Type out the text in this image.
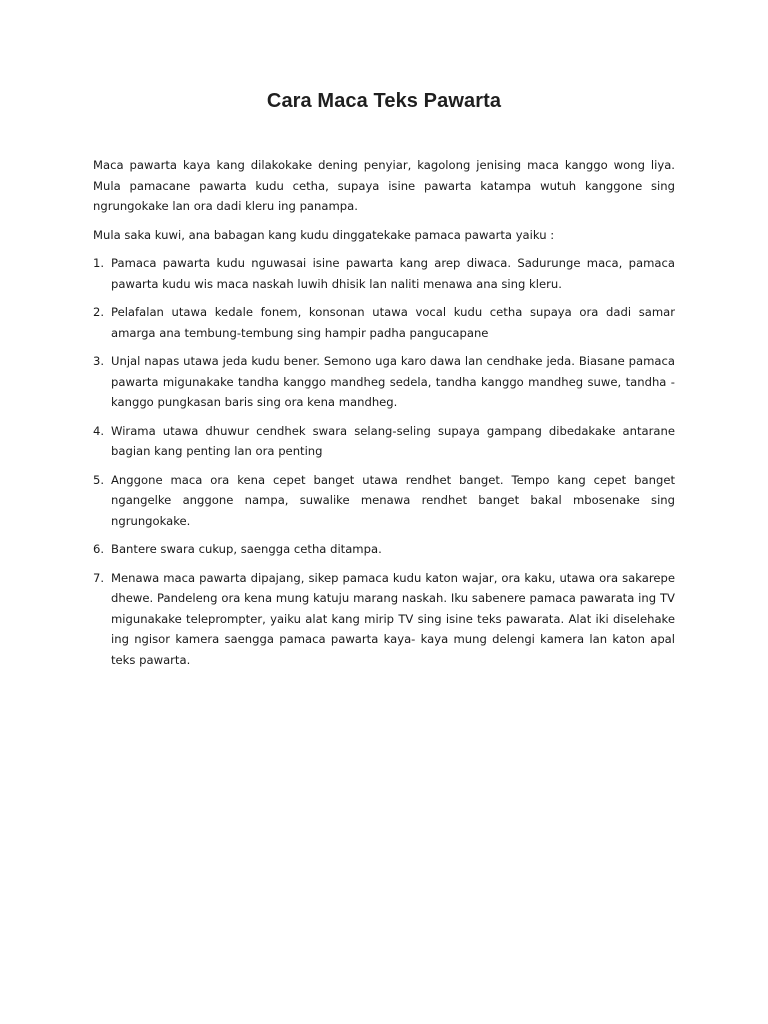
Cara Maca Teks Pawarta

Maca pawarta kaya kang dilakokake dening penyiar, kagolong jenising maca kanggo wong liya. Mula pamacane pawarta kudu cetha, supaya isine pawarta katampa wutuh kanggone sing ngrungokake lan ora dadi kleru ing panampa.

Mula saka kuwi, ana babagan kang kudu dinggatekake pamaca pawarta yaiku :

1. Pamaca pawarta kudu nguwasai isine pawarta kang arep diwaca. Sadurunge maca, pamaca pawarta kudu wis maca naskah luwih dhisik lan naliti menawa ana sing kleru.
2. Pelafalan utawa kedale fonem, konsonan utawa vocal kudu cetha supaya ora dadi samar amarga ana tembung-tembung sing hampir padha pangucapane
3. Unjal napas utawa jeda kudu bener. Semono uga karo dawa lan cendhake jeda. Biasane pamaca pawarta migunakake tandha kanggo mandheg sedela, tandha kanggo mandheg suwe, tandha - kanggo pungkasan baris sing ora kena mandheg.
4. Wirama utawa dhuwur cendhek swara selang-seling supaya gampang dibedakake antarane bagian kang penting lan ora penting
5. Anggone maca ora kena cepet banget utawa rendhet banget. Tempo kang cepet banget ngangelke anggone nampa, suwalike menawa rendhet banget bakal mbosenake sing ngrungokake.
6. Bantere swara cukup, saengga cetha ditampa.
7. Menawa maca pawarta dipajang, sikep pamaca kudu katon wajar, ora kaku, utawa ora sakarepe dhewe. Pandeleng ora kena mung katuju marang naskah. Iku sabenere pamaca pawarata ing TV migunakake teleprompter, yaiku alat kang mirip TV sing isine teks pawarata. Alat iki diselehake ing ngisor kamera saengga pamaca pawarta kaya- kaya mung delengi kamera lan katon apal teks pawarta.
